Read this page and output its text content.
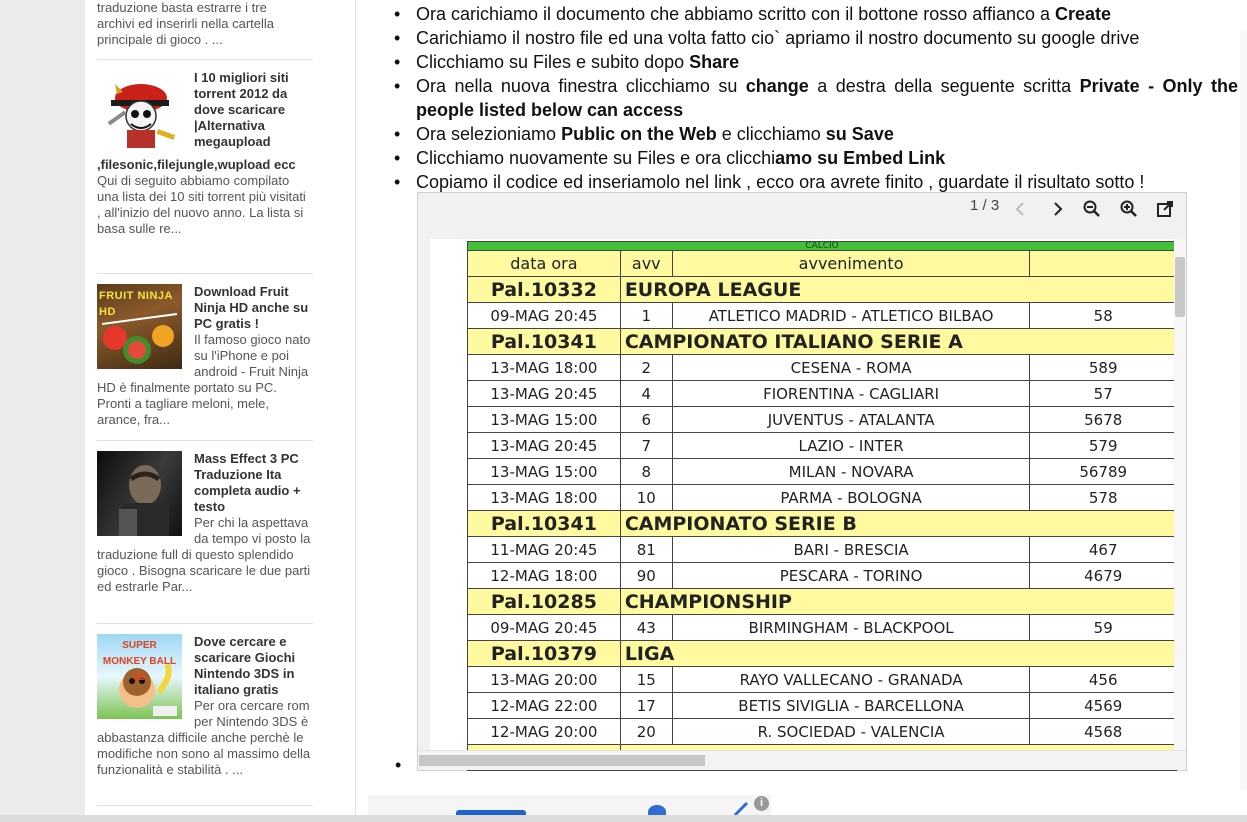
traduzione basta estrarre i tre
archivi ed inserirli nella cartella
principale di gioco . ...
I 10 migliori siti torrent 2012 da dove scaricare |Alternativa megaupload ,filesonic,filejungle,wupload ecc
Qui di seguito abbiamo compilato una lista dei 10 siti torrent più visitati , all'inizio del nuovo anno. La lista si basa sulle re...
FRUIT NINJA HD
Download Fruit Ninja HD anche su PC gratis !
Il famoso gioco nato su l'iPhone e poi android - Fruit Ninja HD è finalmente portato su PC. Pronti a tagliare meloni, mele, arance, fra...
Mass Effect 3 PC Traduzione Ita completa audio + testo
Per chi la aspettava da tempo vi posto la traduzione full di questo splendido gioco . Bisogna scaricare le due parti ed estrarle Par...
SUPER MONKEY BALL 3D
Dove cercare e scaricare Giochi Nintendo 3DS in italiano gratis
Per ora cercare rom per Nintendo 3DS è abbastanza difficile anche perchè le modifiche non sono al massimo della funzionalità e stabilità . ...
• Ora carichiamo il documento che abbiamo scritto con il bottone rosso affianco a Create
• Carichiamo il nostro file ed una volta fatto cio` apriamo il nostro documento su google drive
• Clicchiamo su Files e subito dopo Share
• Ora nella nuova finestra clicchiamo su change a destra della seguente scritta Private - Only the people listed below can access
• Ora selezioniamo Public on the Web e clicchiamo su Save
• Clicchiamo nuovamente su Files e ora clicchiamo su Embed Link
• Copiamo il codice ed inseriamolo nel link , ecco ora avrete finito , guardate il risultato sotto !
1 / 3
CALCIO			
data ora	avv	avvenimento	
Pal.10332	EUROPA LEAGUE		
09-MAG 20:45	1	ATLETICO MADRID - ATLETICO BILBAO	58
Pal.10341	CAMPIONATO ITALIANO SERIE A		
13-MAG 18:00	2	CESENA - ROMA	589
13-MAG 20:45	4	FIORENTINA - CAGLIARI	57
13-MAG 15:00	6	JUVENTUS - ATALANTA	5678
13-MAG 20:45	7	LAZIO - INTER	579
13-MAG 15:00	8	MILAN - NOVARA	56789
13-MAG 18:00	10	PARMA - BOLOGNA	578
Pal.10341	CAMPIONATO SERIE B		
11-MAG 20:45	81	BARI - BRESCIA	467
12-MAG 18:00	90	PESCARA - TORINO	4679
Pal.10285	CHAMPIONSHIP		
09-MAG 20:45	43	BIRMINGHAM - BLACKPOOL	59
Pal.10379	LIGA		
13-MAG 20:00	15	RAYO VALLECANO - GRANADA	456
12-MAG 22:00	17	BETIS SIVIGLIA - BARCELLONA	4569
12-MAG 20:00	20	R. SOCIEDAD - VALENCIA	4568

•
i
